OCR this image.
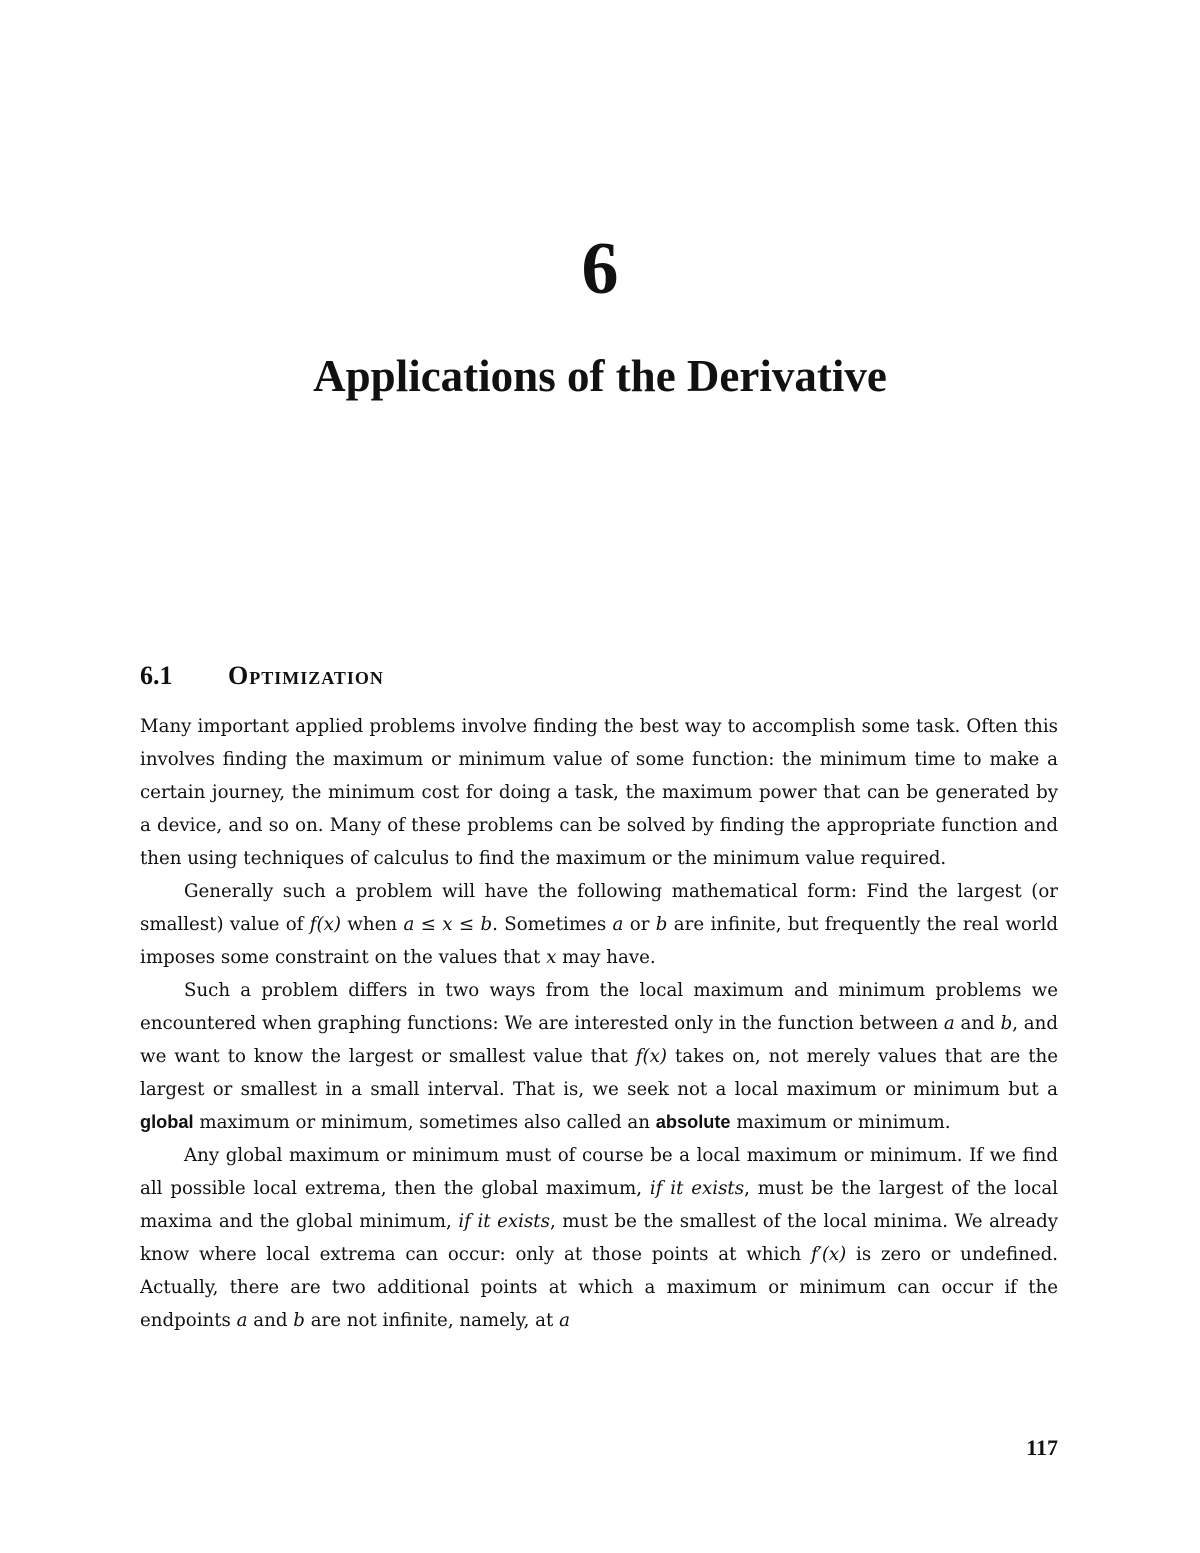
6
Applications of the Derivative
6.1 Optimization

Many important applied problems involve finding the best way to accomplish some task. Often this involves finding the maximum or minimum value of some function: the minimum time to make a certain journey, the minimum cost for doing a task, the maximum power that can be generated by a device, and so on. Many of these problems can be solved by finding the appropriate function and then using techniques of calculus to find the maximum or the minimum value required.

Generally such a problem will have the following mathematical form: Find the largest (or smallest) value of f(x) when a ≤ x ≤ b. Sometimes a or b are infinite, but frequently the real world imposes some constraint on the values that x may have.

Such a problem differs in two ways from the local maximum and minimum problems we encountered when graphing functions: We are interested only in the function between a and b, and we want to know the largest or smallest value that f(x) takes on, not merely values that are the largest or smallest in a small interval. That is, we seek not a local maximum or minimum but a global maximum or minimum, sometimes also called an absolute maximum or minimum.

Any global maximum or minimum must of course be a local maximum or minimum. If we find all possible local extrema, then the global maximum, if it exists, must be the largest of the local maxima and the global minimum, if it exists, must be the smallest of the local minima. We already know where local extrema can occur: only at those points at which f′(x) is zero or undefined. Actually, there are two additional points at which a maximum or minimum can occur if the endpoints a and b are not infinite, namely, at a

117
